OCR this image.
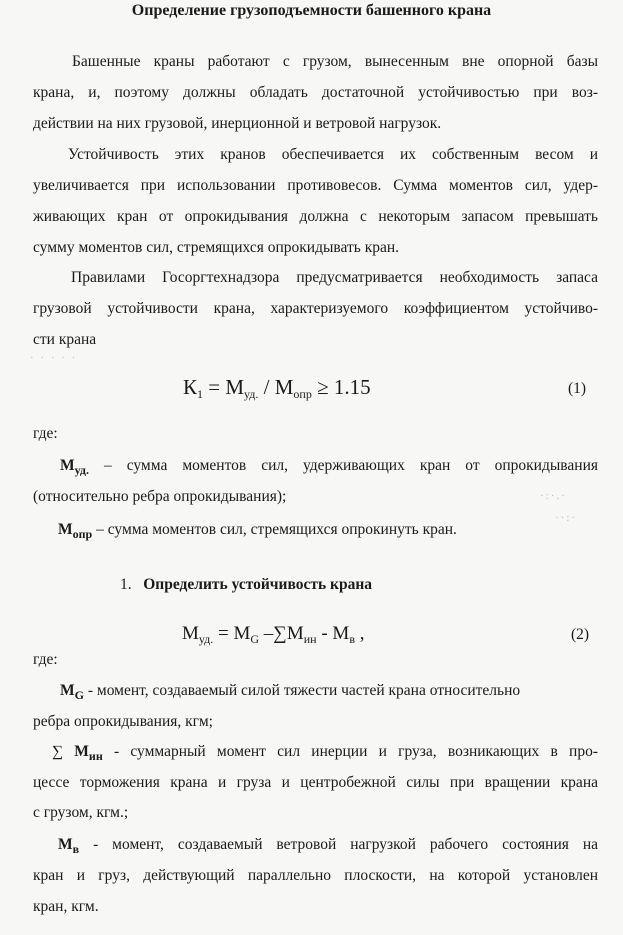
Определение грузоподъемности башенного крана
Башенные краны работают с грузом, вынесенным вне опорной базы
крана, и, поэтому должны обладать достаточной устойчивостью при воз-
действии на них грузовой, инерционной и ветровой нагрузок.
Устойчивость этих кранов обеспечивается их собственным весом и
увеличивается при использовании противовесов. Сумма моментов сил, удер-
живающих кран от опрокидывания должна с некоторым запасом превышать
сумму моментов сил, стремящихся опрокидывать кран.
Правилами Госоргтехнадзора предусматривается необходимость запаса
грузовой устойчивости крана, характеризуемого коэффициентом устойчиво-
сти крана
· · · · ·
К1 = Муд. / Мопр ≥ 1.15	(1)
где:
$М_{уд.}$ – сумма моментов сил, удерживающих кран от опрокидывания
(относительно ребра опрокидывания);	·:·.·
··:·
$М_{опр}$ – сумма моментов сил, стремящихся опрокинуть кран.
1. Определить устойчивость крана
$М_{уд.} = М_G$ $-\sum М_{ин} - М_в$ ,	(2)
где:
$М_G$ - момент, создаваемый силой тяжести частей крана относительно
ребра опрокидывания, кгм;
∑ $М_{ин}$ - суммарный момент сил инерции и груза, возникающих в про-
цессе торможения крана и груза и центробежной силы при вращении крана
с грузом, кгм.;
$М_в$ - момент, создаваемый ветровой нагрузкой рабочего состояния на
кран и груз, действующий параллельно плоскости, на которой установлен
кран, кгм.
